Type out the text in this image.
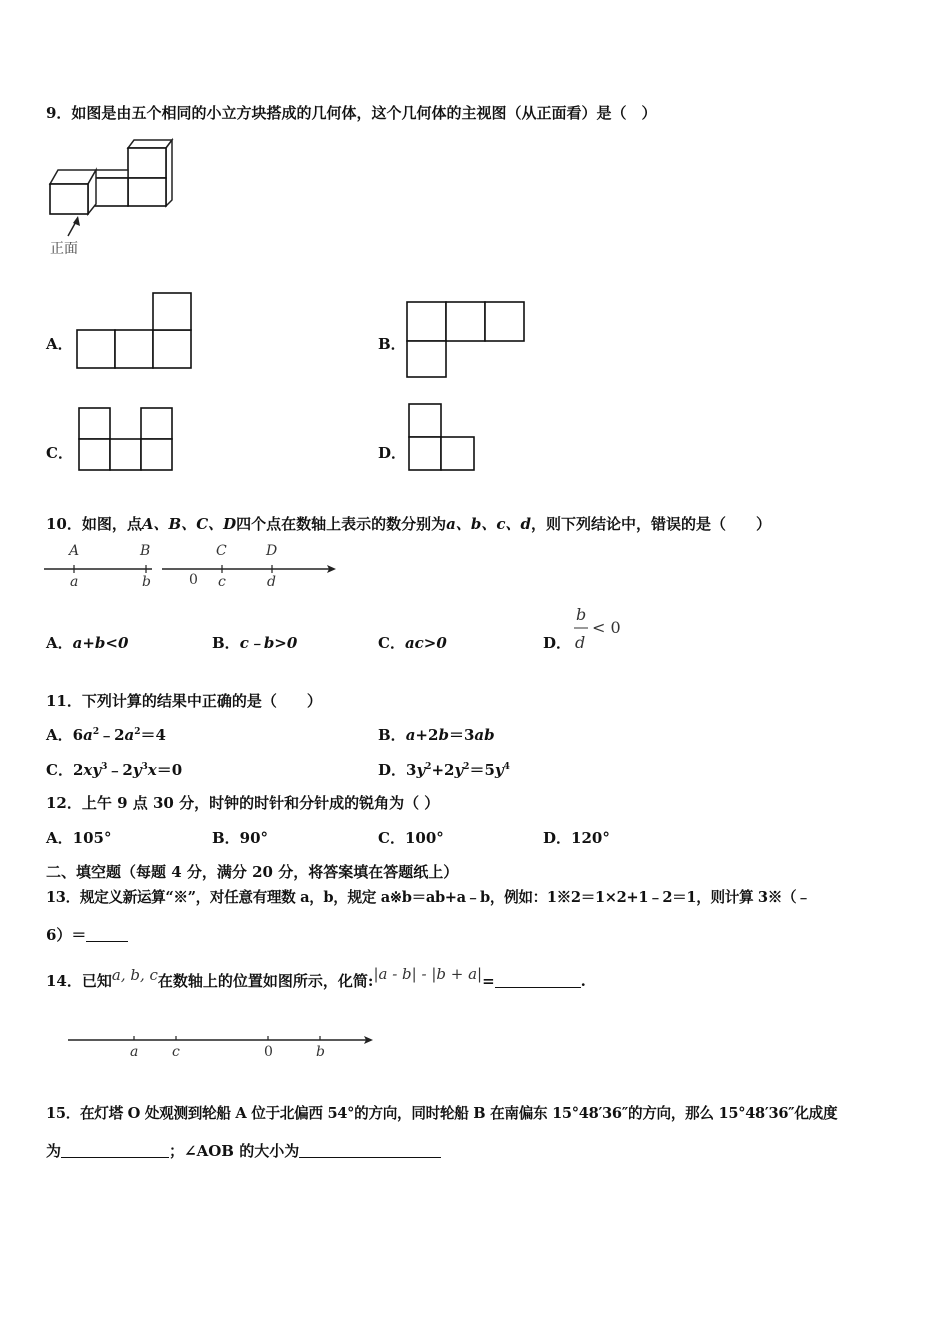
9．如图是由五个相同的小立方块搭成的几何体，这个几何体的主视图（从正面看）是（　）
正面
A．	B．
C．	D．
10．如图，点A、B、C、D四个点在数轴上表示的数分别为a、b、c、d，则下列结论中，错误的是（　　）
A	B	C	D
a	b	0 c	d
A．a+b<0	B．c﹣b>0	C．ac>0	D．
b
d
< 0
11．下列计算的结果中正确的是（　　）
A．$6a^2﹣2a^2=4$	B．a+2b＝3ab
C．$2xy^3﹣2y^3x=0$	D．$3y^2+2y^2=5y^4$
12．上午 9 点 30 分，时钟的时针和分针成的锐角为（ ）
A．105°	B．90°	C．100°	D．120°
二、填空题（每题 4 分，满分 20 分，将答案填在答题纸上）
13．规定义新运算“※”，对任意有理数 a，b，规定 a※b＝ab+a﹣b，例如：1※2＝1×2+1﹣2＝1，则计算 3※（﹣
6）＝
14．已知a, b, c在数轴上的位置如图所示，化简:|a - b| - |b + a|=	.
a c	0	b
15．在灯塔 O 处观测到轮船 A 位于北偏西 54°的方向，同时轮船 B 在南偏东 15°48′36″的方向，那么 15°48′36″化成度
为	；∠AOB 的大小为
